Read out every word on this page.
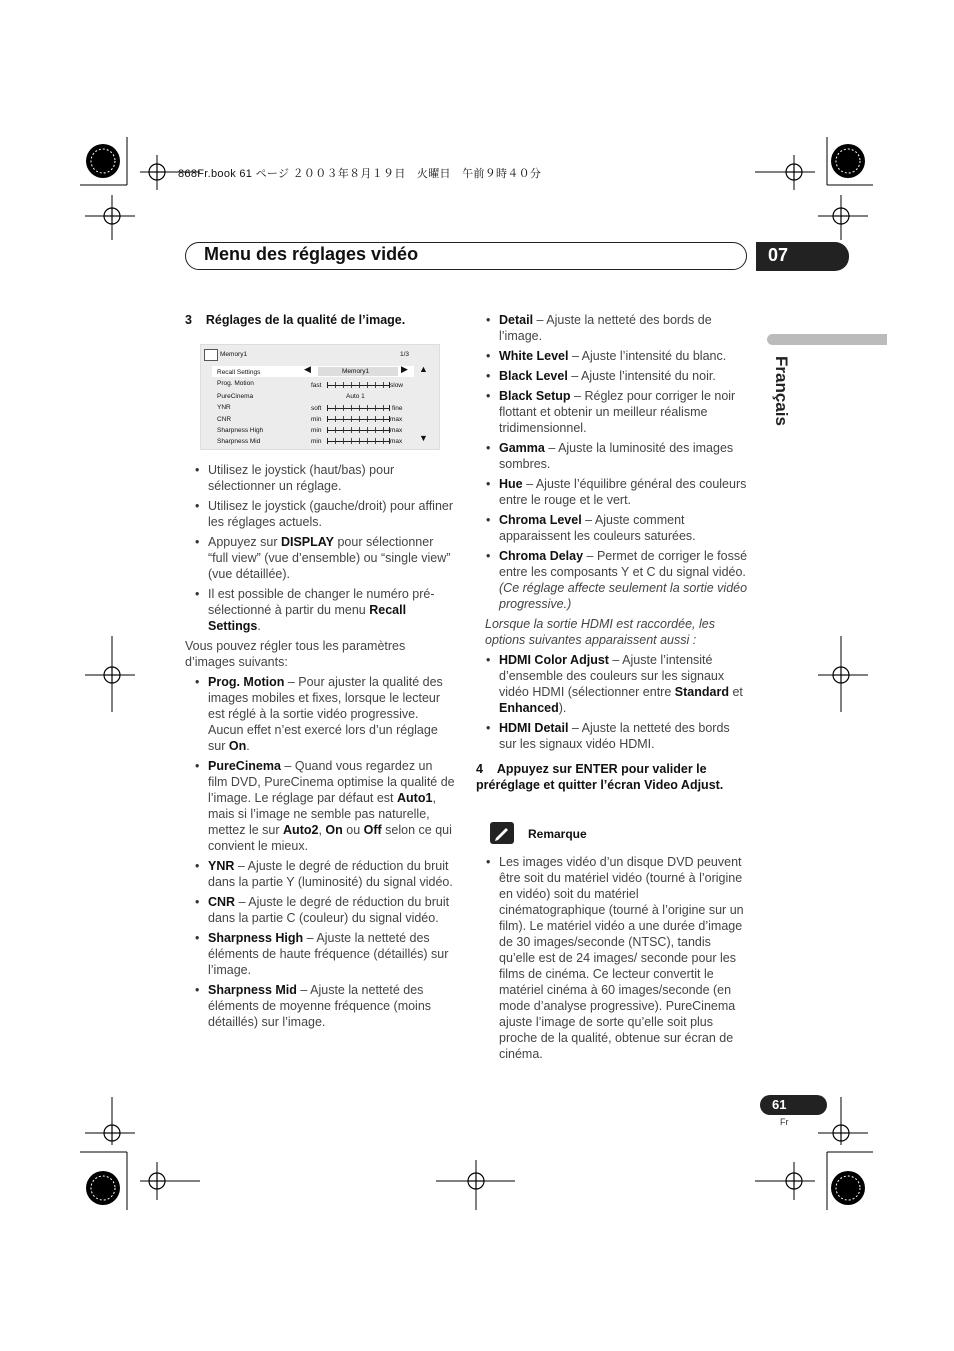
868Fr.book 61 ページ ２００３年８月１９日　火曜日　午前９時４０分
Menu des réglages vidéo	07
Français

3    Réglages de la qualité de l’image.

Memory1	1/3
Recall Settings	◀	Memory1	▶ ▲
Prog. Motion	fast	slow
PureCinema	Auto 1
YNR	soft	fine
CNR	min	max
Sharpness High	min	max
Sharpness Mid	min	max ▼

• Utilisez le joystick (haut/bas) pour sélectionner un réglage.

• Utilisez le joystick (gauche/droit) pour affiner les réglages actuels.

• Appuyez sur DISPLAY pour sélectionner “full view” (vue d’ensemble) ou “single view” (vue détaillée).

• Il est possible de changer le numéro pré-sélectionné à partir du menu Recall Settings.

Vous pouvez régler tous les paramètres d’images suivants:

• Prog. Motion – Pour ajuster la qualité des images mobiles et fixes, lorsque le lecteur est réglé à la sortie vidéo progressive. Aucun effet n’est exercé lors d’un réglage sur On.

• PureCinema – Quand vous regardez un film DVD, PureCinema optimise la qualité de l’image. Le réglage par défaut est Auto1, mais si l’image ne semble pas naturelle, mettez le sur Auto2, On ou Off selon ce qui convient le mieux.

• YNR – Ajuste le degré de réduction du bruit dans la partie Y (luminosité) du signal vidéo.

• CNR – Ajuste le degré de réduction du bruit dans la partie C (couleur) du signal vidéo.

• Sharpness High – Ajuste la netteté des éléments de haute fréquence (détaillés) sur l’image.

• Sharpness Mid – Ajuste la netteté des éléments de moyenne fréquence (moins détaillés) sur l’image.

• Detail – Ajuste la netteté des bords de l’image.

• White Level – Ajuste l’intensité du blanc.

• Black Level – Ajuste l’intensité du noir.

• Black Setup – Réglez pour corriger le noir flottant et obtenir un meilleur réalisme tridimensionnel.

• Gamma – Ajuste la luminosité des images sombres.

• Hue – Ajuste l’équilibre général des couleurs entre le rouge et le vert.

• Chroma Level – Ajuste comment apparaissent les couleurs saturées.

• Chroma Delay – Permet de corriger le fossé entre les composants Y et C du signal vidéo. (Ce réglage affecte seulement la sortie vidéo progressive.)

Lorsque la sortie HDMI est raccordée, les options suivantes apparaissent aussi :

• HDMI Color Adjust – Ajuste l’intensité d’ensemble des couleurs sur les signaux vidéo HDMI (sélectionner entre Standard et Enhanced).

• HDMI Detail – Ajuste la netteté des bords sur les signaux vidéo HDMI.

4    Appuyez sur ENTER pour valider le préréglage et quitter l’écran Video Adjust.

Remarque

• Les images vidéo d’un disque DVD peuvent être soit du matériel vidéo (tourné à l’origine en vidéo) soit du matériel cinématographique (tourné à l’origine sur un film). Le matériel vidéo a une durée d’image de 30 images/seconde (NTSC), tandis qu’elle est de 24 images/ seconde pour les films de cinéma. Ce lecteur convertit le matériel cinéma à 60 images/seconde (en mode d’analyse progressive). PureCinema ajuste l’image de sorte qu’elle soit plus proche de la qualité, obtenue sur écran de cinéma.

61
Fr
